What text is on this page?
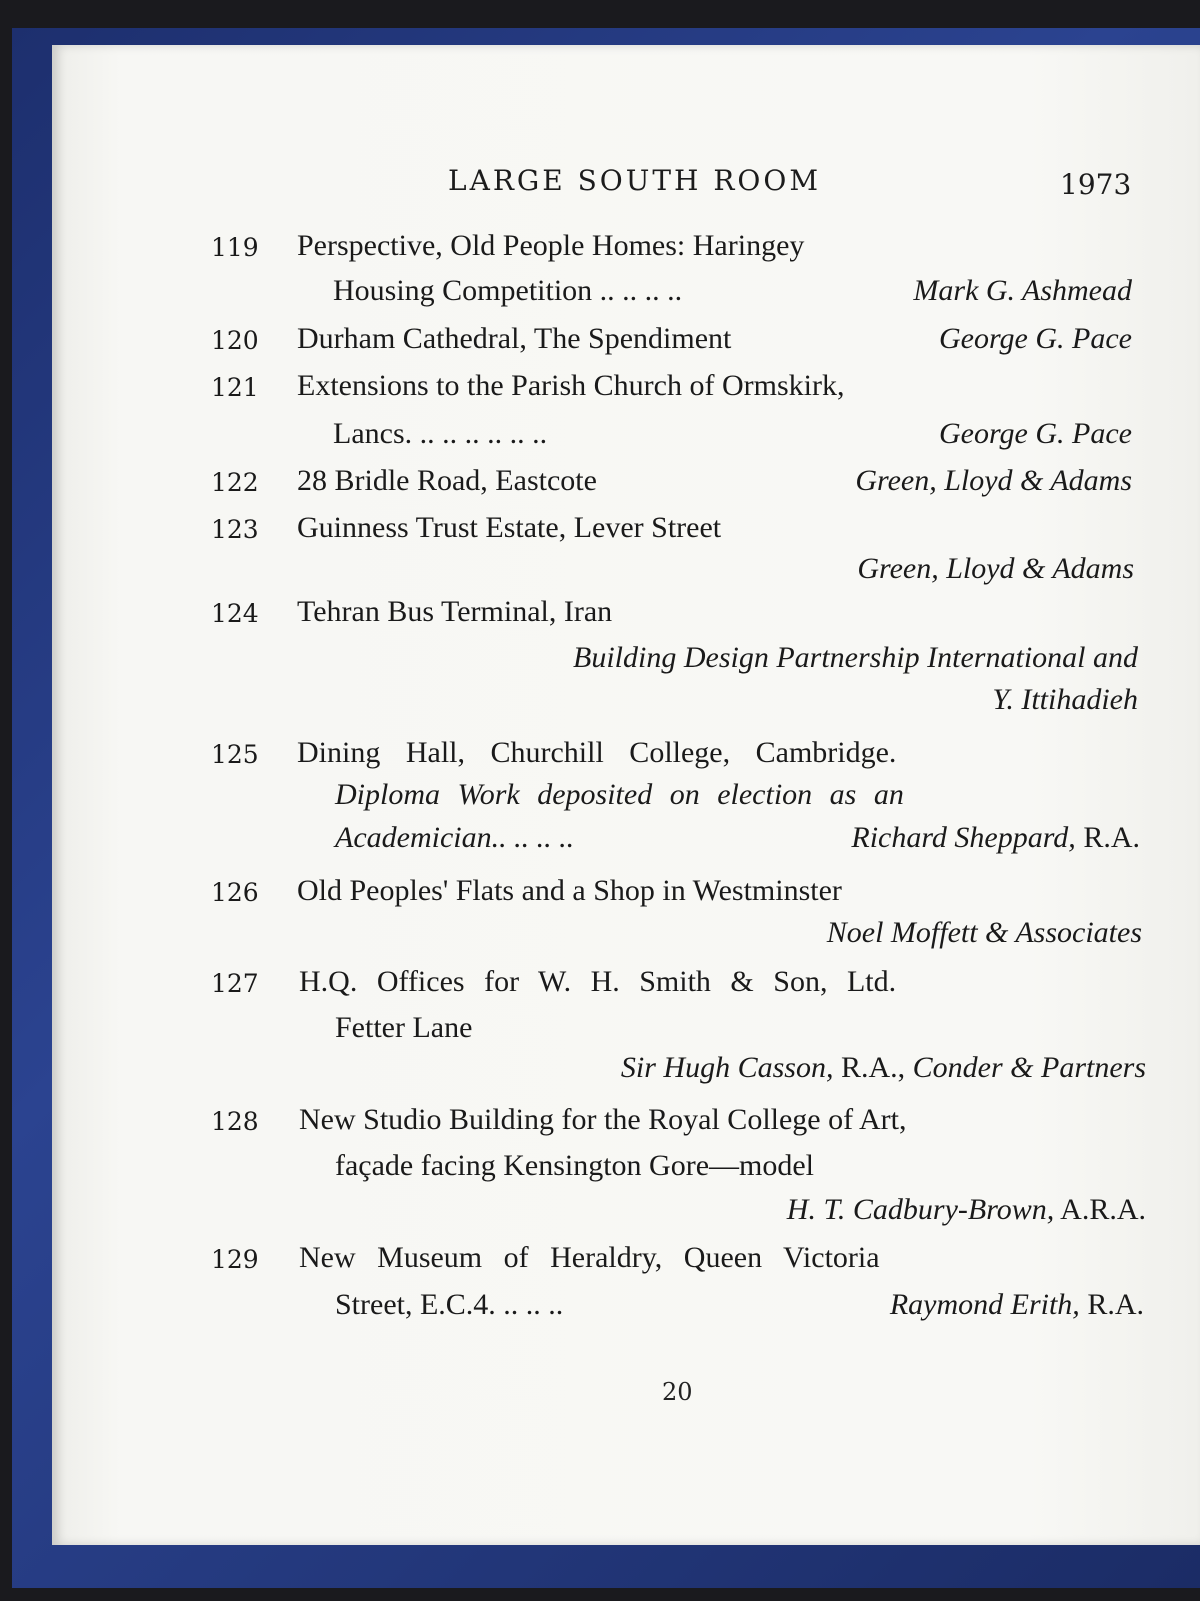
LARGE SOUTH ROOM	1973
119 Perspective, Old People Homes: Haringey
Housing Competition .. .. .. ..	Mark G. Ashmead
120 Durham Cathedral, The Spendiment	George G. Pace
121 Extensions to the Parish Church of Ormskirk,
Lancs. .. .. .. .. .. ..	George G. Pace
122 28 Bridle Road, Eastcote	Green, Lloyd & Adams
123 Guinness Trust Estate, Lever Street
Green, Lloyd & Adams
124 Tehran Bus Terminal, Iran
Building Design Partnership International and
Y. Ittihadieh
125 Dining Hall, Churchill College, Cambridge.
Diploma Work deposited on election as an
Academician.. .. .. ..	Richard Sheppard, R.A.
126 Old Peoples' Flats and a Shop in Westminster
Noel Moffett & Associates
127 H.Q. Offices for W. H. Smith & Son, Ltd.
Fetter Lane
Sir Hugh Casson, R.A., Conder & Partners
128 New Studio Building for the Royal College of Art,
façade facing Kensington Gore—model
H. T. Cadbury-Brown, A.R.A.
129 New Museum of Heraldry, Queen Victoria
Street, E.C.4. .. .. ..	Raymond Erith, R.A.
20
